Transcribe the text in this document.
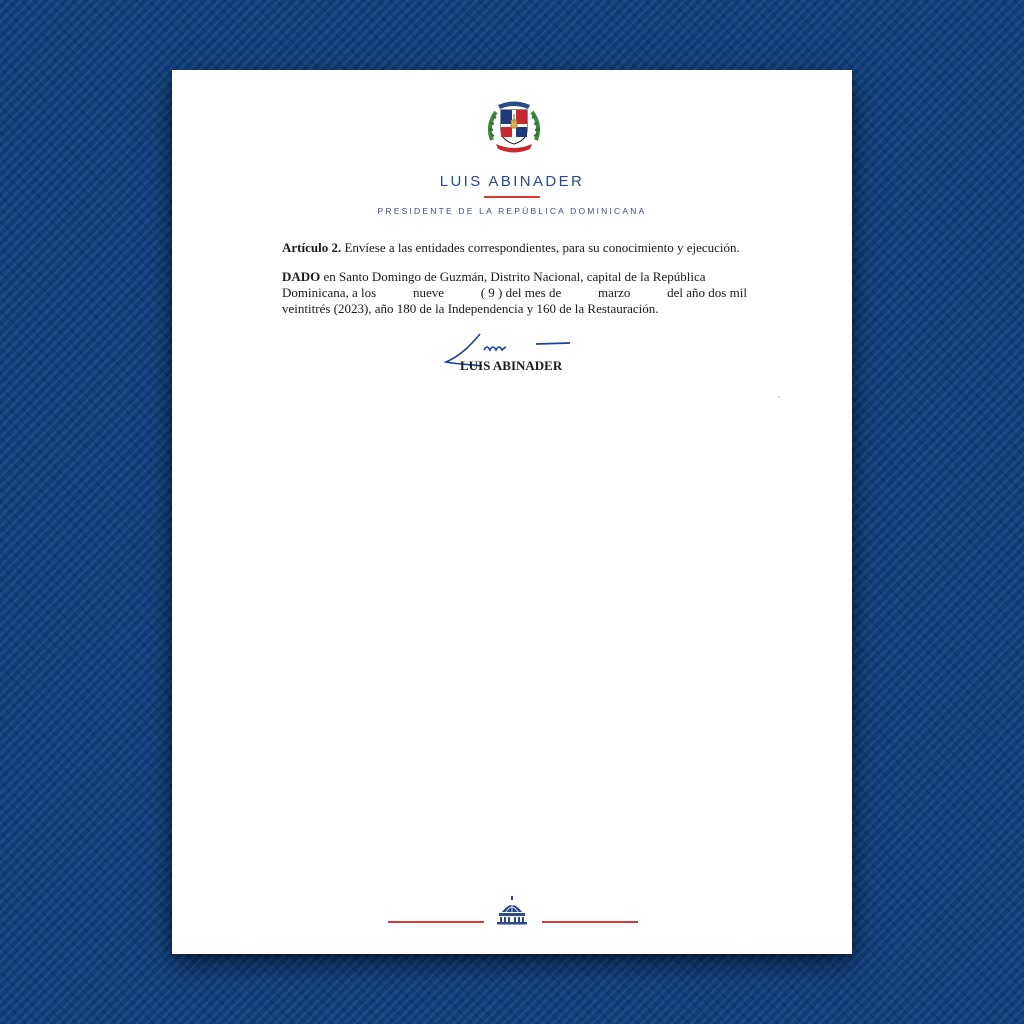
LUIS ABINADER
PRESIDENTE DE LA REPÚBLICA DOMINICANA
Artículo 2. Envíese a las entidades correspondientes, para su conocimiento y ejecución.
DADO en Santo Domingo de Guzmán, Distrito Nacional, capital de la República
Dominicana, a los	nueve	( 9 ) del mes de	marzo	del año dos mil
veintitrés (2023), año 180 de la Independencia y 160 de la Restauración.
LUIS ABINADER
